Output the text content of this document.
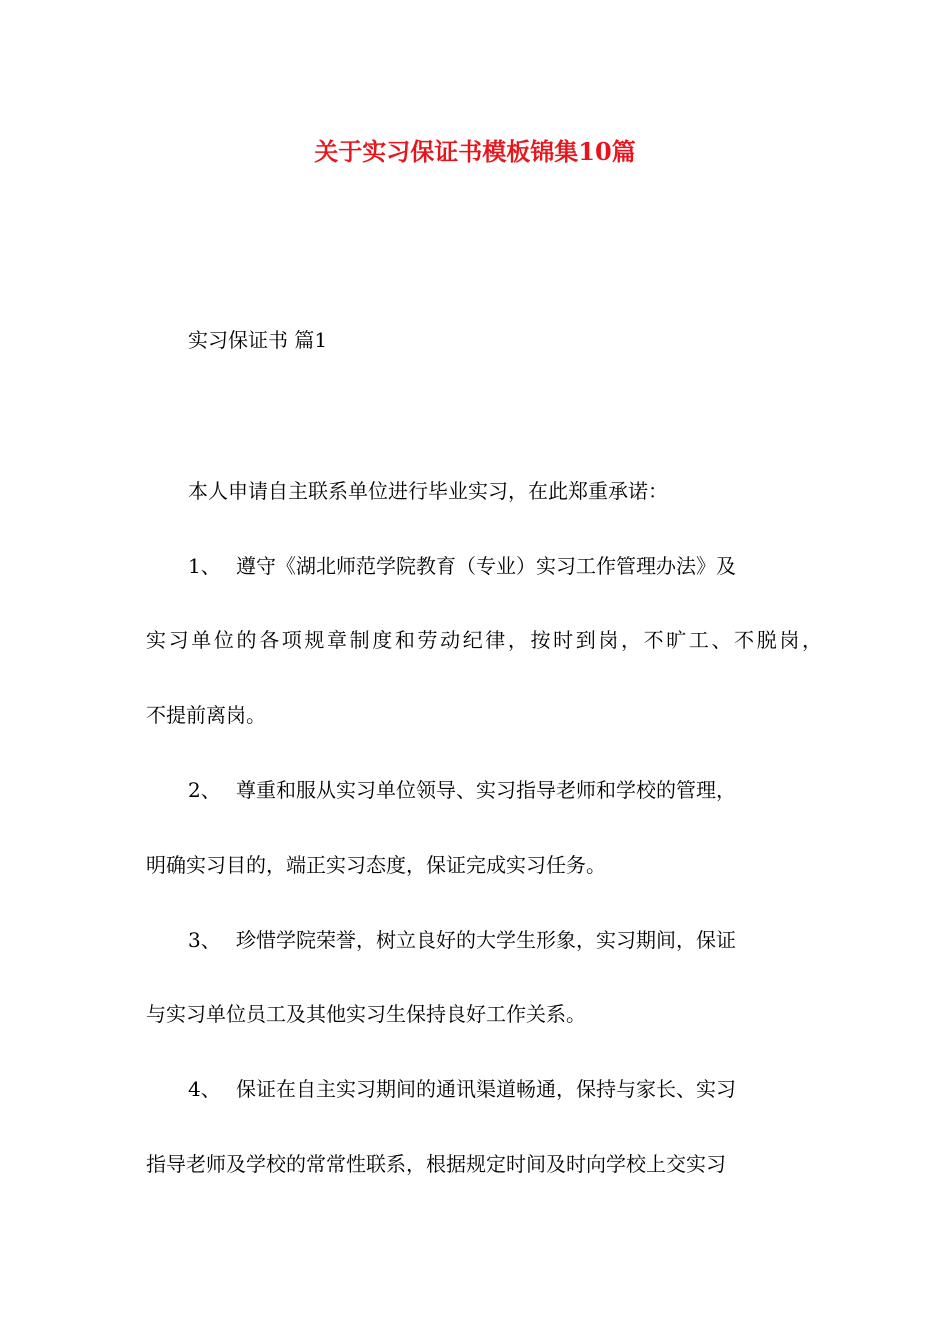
关于实习保证书模板锦集10篇

实习保证书 篇1

本人申请自主联系单位进行毕业实习，在此郑重承诺：

1、 遵守《湖北师范学院教育（专业）实习工作管理办法》及

实习单位的各项规章制度和劳动纪律，按时到岗，不旷工、不脱岗，

不提前离岗。

2、 尊重和服从实习单位领导、实习指导老师和学校的管理，

明确实习目的，端正实习态度，保证完成实习任务。

3、 珍惜学院荣誉，树立良好的大学生形象，实习期间，保证

与实习单位员工及其他实习生保持良好工作关系。

4、 保证在自主实习期间的通讯渠道畅通，保持与家长、实习

指导老师及学校的常常性联系，根据规定时间及时向学校上交实习
